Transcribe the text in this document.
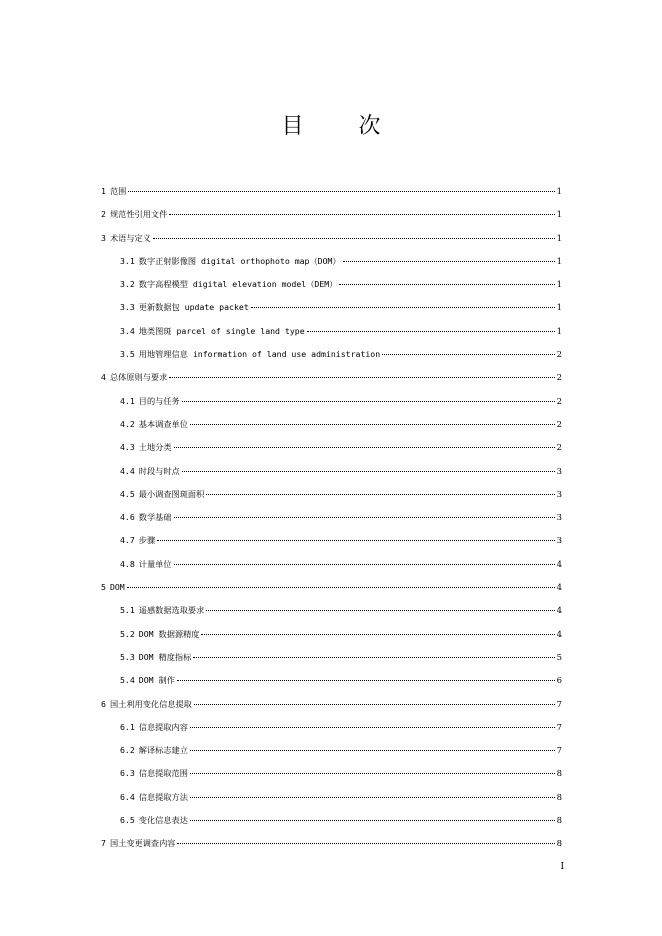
目 次
1 范围	1
2 规范性引用文件	1
3 术语与定义	1
3.1 数字正射影像图 digital orthophoto map（DOM）	1
3.2 数字高程模型 digital elevation model（DEM）	1
3.3 更新数据包 update packet	1
3.4 地类图斑 parcel of single land type	1
3.5 用地管理信息 information of land use administration	2
4 总体原则与要求	2
4.1 目的与任务	2
4.2 基本调查单位	2
4.3 土地分类	2
4.4 时段与时点	3
4.5 最小调查图斑面积	3
4.6 数学基础	3
4.7 步骤	3
4.8 计量单位	4
5 DOM	4
5.1 遥感数据选取要求	4
5.2 DOM 数据源精度	4
5.3 DOM 精度指标	5
5.4 DOM 制作	6
6 国土利用变化信息提取	7
6.1 信息提取内容	7
6.2 解译标志建立	7
6.3 信息提取范围	8
6.4 信息提取方法	8
6.5 变化信息表达	8
7 国土变更调查内容	8
I
